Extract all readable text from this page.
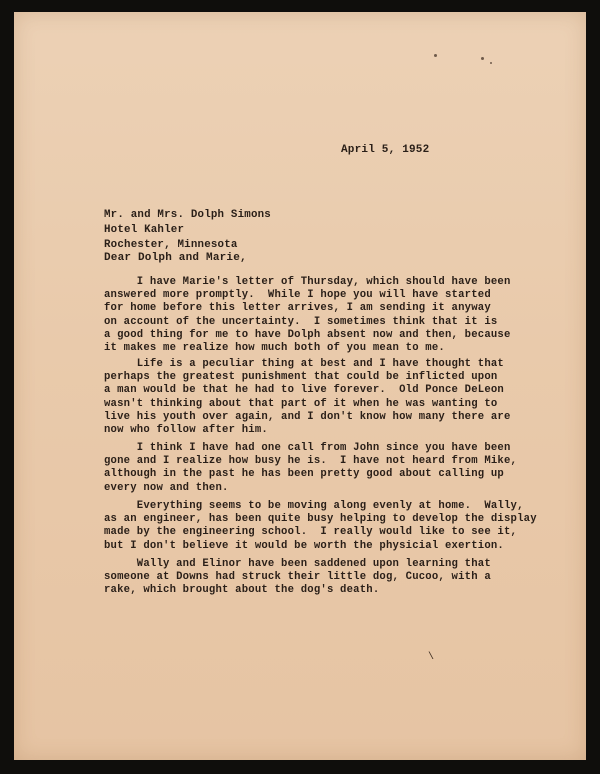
April 5, 1952
Mr. and Mrs. Dolph Simons
Hotel Kahler
Rochester, Minnesota
Dear Dolph and Marie,
I have Marie's letter of Thursday, which should have been
answered more promptly.  While I hope you will have started
for home before this letter arrives, I am sending it anyway
on account of the uncertainty.  I sometimes think that it is
a good thing for me to have Dolph absent now and then, because
it makes me realize how much both of you mean to me.
Life is a peculiar thing at best and I have thought that
perhaps the greatest punishment that could be inflicted upon
a man would be that he had to live forever.  Old Ponce DeLeon
wasn't thinking about that part of it when he was wanting to
live his youth over again, and I don't know how many there are
now who follow after him.
I think I have had one call from John since you have been
gone and I realize how busy he is.  I have not heard from Mike,
although in the past he has been pretty good about calling up
every now and then.
Everything seems to be moving along evenly at home.  Wally,
as an engineer, has been quite busy helping to develop the display
made by the engineering school.  I really would like to see it,
but I don't believe it would be worth the physicial exertion.
Wally and Elinor have been saddened upon learning that
someone at Downs had struck their little dog, Cucoo, with a
rake, which brought about the dog's death.
\
